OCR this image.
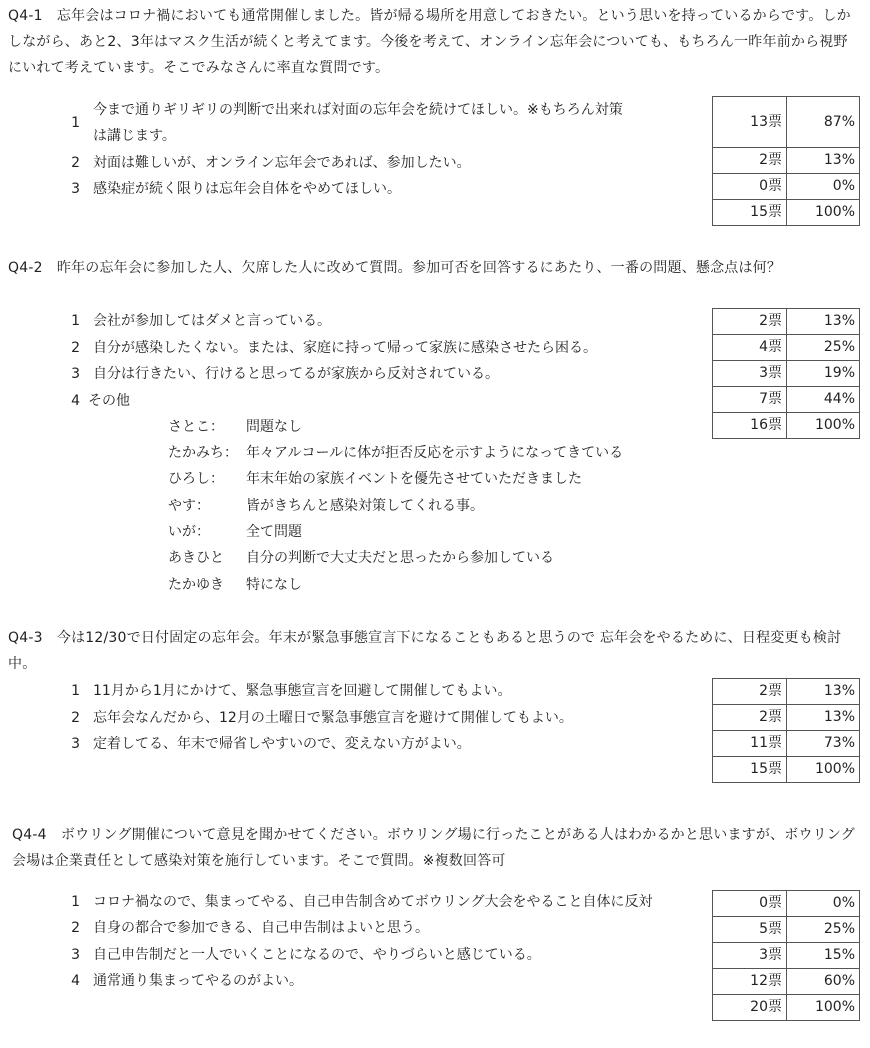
Q4-1　忘年会はコロナ禍においても通常開催しました。皆が帰る場所を用意しておきたい。という思いを持っているからです。しかしながら、あと2、3年はマスク生活が続くと考えてます。今後を考えて、オンライン忘年会についても、もちろん一昨年前から視野にいれて考えています。そこでみなさんに率直な質問です。
1
今まで通りギリギリの判断で出来れば対面の忘年会を続けてほしい。※もちろん対策
は講じます。
2 対面は難しいが、オンライン忘年会であれば、参加したい。
3 感染症が続く限りは忘年会自体をやめてほしい。
13票	87%
2票	13%
0票	0%
15票	100%
Q4-2　昨年の忘年会に参加した人、欠席した人に改めて質問。参加可否を回答するにあたり、一番の問題、懸念点は何？
1 会社が参加してはダメと言っている。
2 自分が感染したくない。または、家庭に持って帰って家族に感染させたら困る。
3 自分は行きたい、行けると思ってるが家族から反対されている。
4 その他
さとこ： 問題なし
たかみち： 年々アルコールに体が拒否反応を示すようになってきている
ひろし： 年末年始の家族イベントを優先させていただきました
やす：	皆がきちんと感染対策してくれる事。
いが：	全て問題
あきひと 自分の判断で大丈夫だと思ったから参加している
たかゆき 特になし
2票	13%
4票	25%
3票	19%
7票	44%
16票	100%
Q4-3　今は12/30で日付固定の忘年会。年末が緊急事態宣言下になることもあると思うので 忘年会をやるために、日程変更も検討中。
1 11月から1月にかけて、緊急事態宣言を回避して開催してもよい。
2 忘年会なんだから、12月の土曜日で緊急事態宣言を避けて開催してもよい。
3 定着してる、年末で帰省しやすいので、変えない方がよい。
2票	13%
2票	13%
11票	73%
15票	100%
Q4-4　ボウリング開催について意見を聞かせてください。ボウリング場に行ったことがある人はわかるかと思いますが、ボウリング会場は企業責任として感染対策を施行しています。そこで質問。※複数回答可
1 コロナ禍なので、集まってやる、自己申告制含めてボウリング大会をやること自体に反対
2 自身の都合で参加できる、自己申告制はよいと思う。
3 自己申告制だと一人でいくことになるので、やりづらいと感じている。
4 通常通り集まってやるのがよい。
0票	0%
5票	25%
3票	15%
12票	60%
20票	100%
